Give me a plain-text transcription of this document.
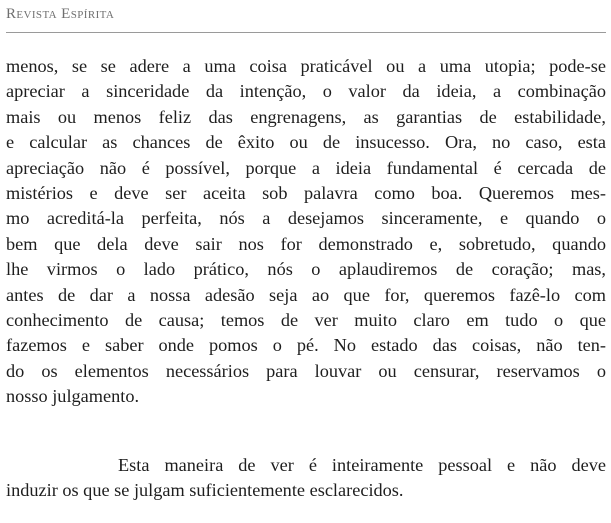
Revista Espírita

menos, se se adere a uma coisa praticável ou a uma utopia; pode-se
apreciar a sinceridade da intenção, o valor da ideia, a combinação
mais ou menos feliz das engrenagens, as garantias de estabilidade,
e calcular as chances de êxito ou de insucesso. Ora, no caso, esta
apreciação não é possível, porque a ideia fundamental é cercada de
mistérios e deve ser aceita sob palavra como boa. Queremos mes-
mo acreditá-la perfeita, nós a desejamos sinceramente, e quando o
bem que dela deve sair nos for demonstrado e, sobretudo, quando
lhe virmos o lado prático, nós o aplaudiremos de coração; mas,
antes de dar a nossa adesão seja ao que for, queremos fazê-lo com
conhecimento de causa; temos de ver muito claro em tudo o que
fazemos e saber onde pomos o pé. No estado das coisas, não ten-
do os elementos necessários para louvar ou censurar, reservamos o
nosso julgamento.

Esta maneira de ver é inteiramente pessoal e não deve
induzir os que se julgam suficientemente esclarecidos.
